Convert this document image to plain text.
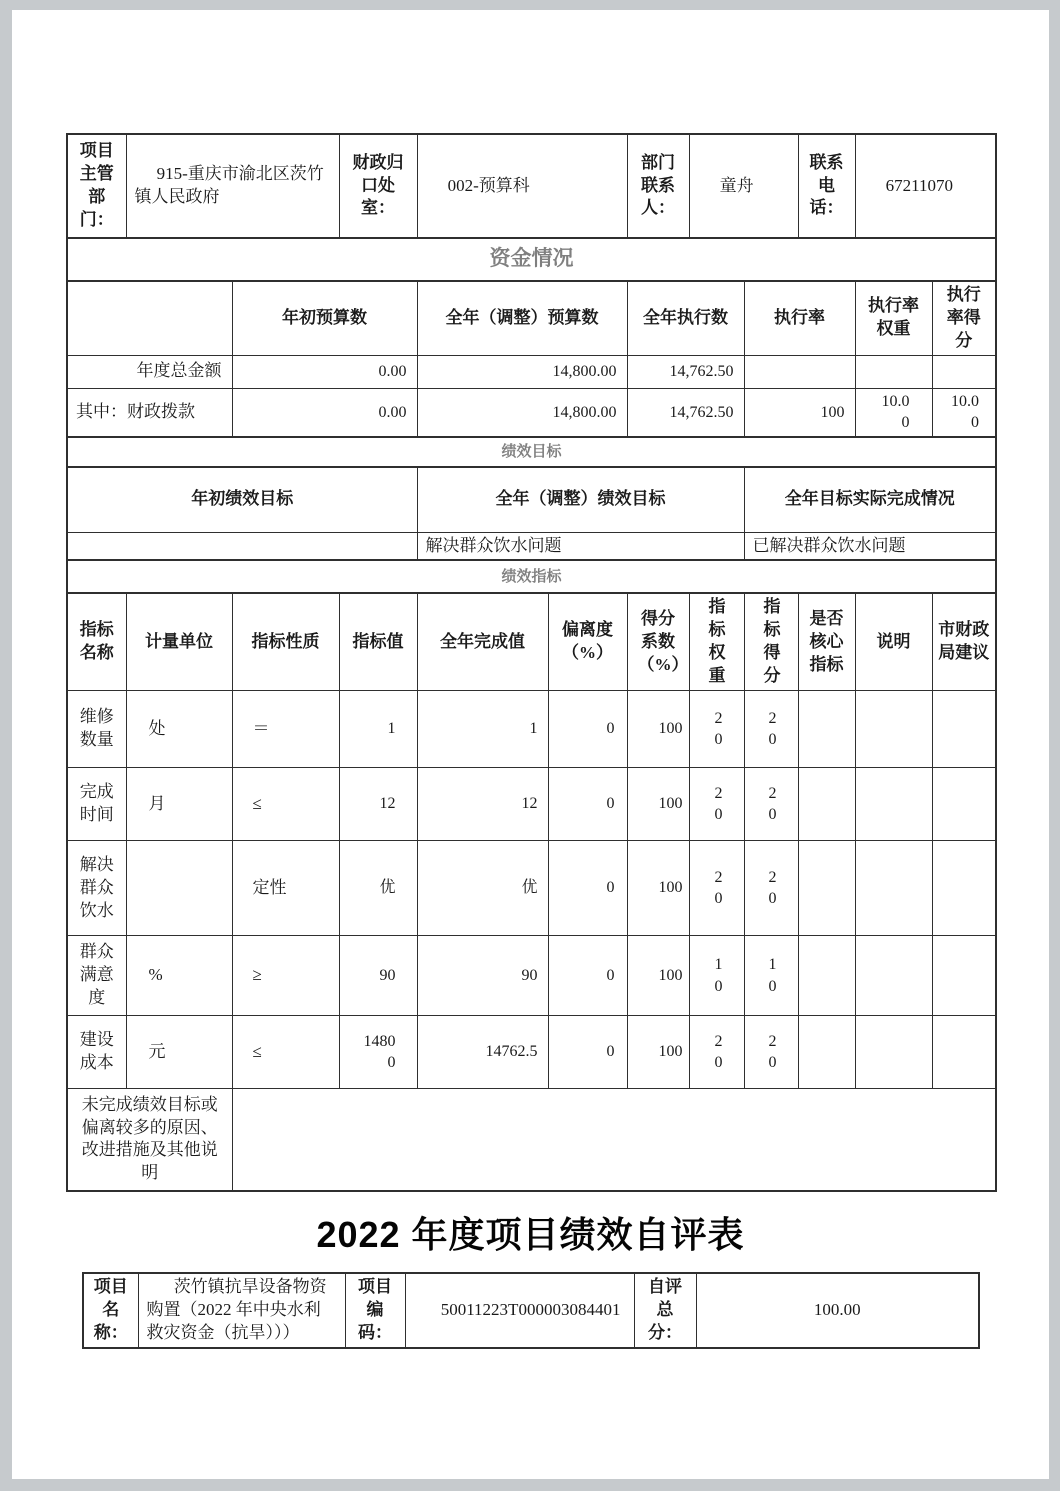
项目主管部门：	915-重庆市渝北区茨竹镇人民政府		财政归口处室：	002-预算科		部门联系人：	童舟		联系电话：	67211070	
资金情况											
		年初预算数		全年（调整）预算数		全年执行数		执行率		执行率权重	执行率得分
年度总金额		0.00		14,800.00		14,762.50					
其中：财政拨款		0.00		14,800.00		14,762.50		100		10.00	10.00
绩效目标											
年初绩效目标				全年（调整）绩效目标				全年目标实际完成情况			
				解决群众饮水问题				已解决群众饮水问题			
绩效指标											
指标名称	计量单位	指标性质	指标值	全年完成值	偏离度（%）	得分系数（%）	指标权重	指标得分	是否核心指标	说明	市财政局建议
维修数量	处	＝	1	1	0	100	20	20			
完成时间	月	≤	12	12	0	100	20	20			
解决群众饮水		定性	优	优	0	100	20	20			
群众满意度	%	≥	90	90	0	100	10	10			
建设成本	元	≤	14800	14762.5	0	100	20	20			
未完成绩效目标或偏离较多的原因、改进措施及其他说明											
2022 年度项目绩效自评表
项目名称：	茨竹镇抗旱设备物资购置（2022 年中央水利救灾资金（抗旱）））	项目编码：	50011223T000003084401	自评总分：	100.00
